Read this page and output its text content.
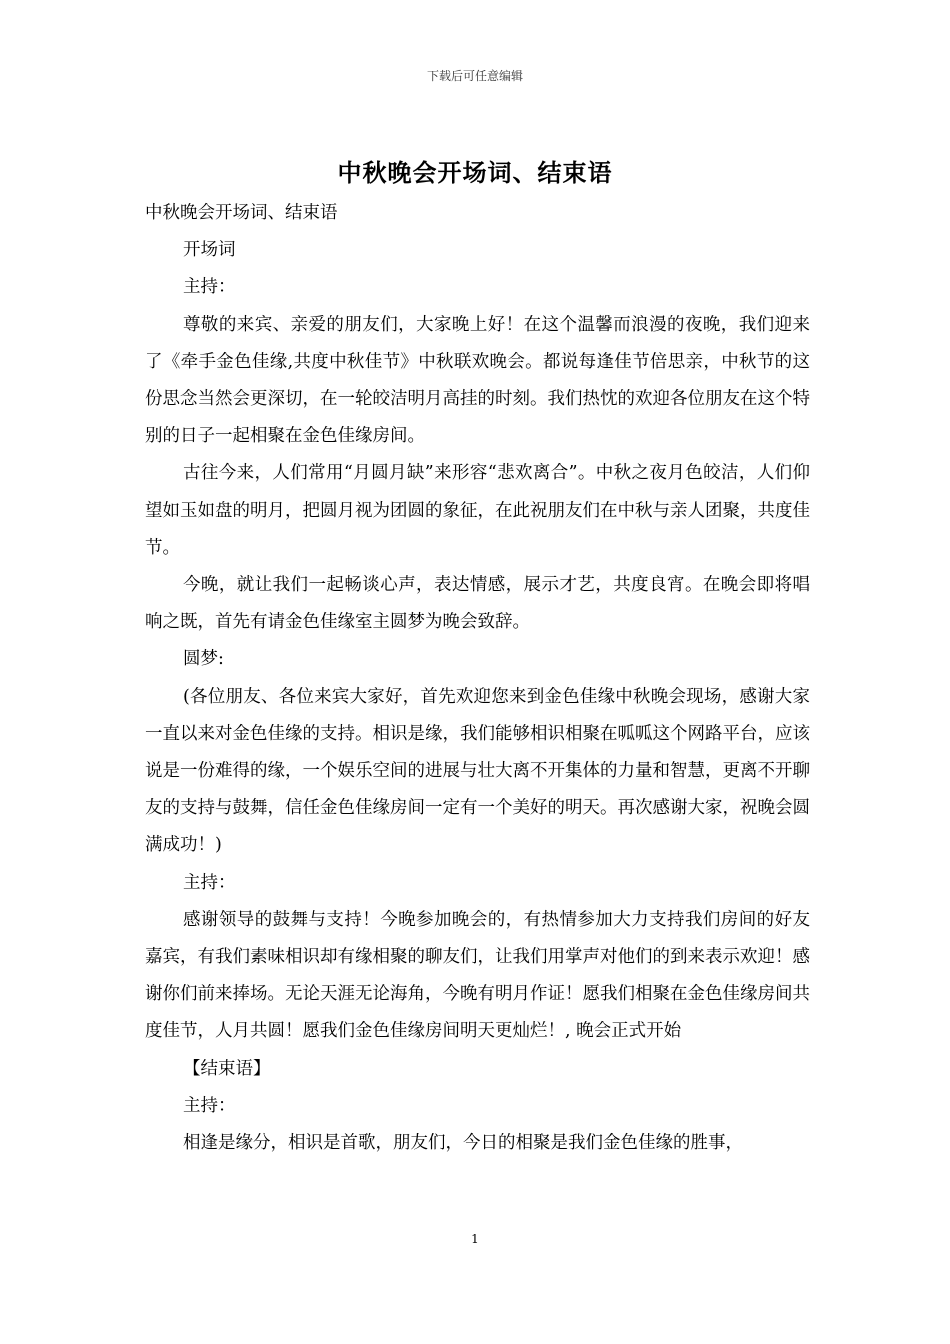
下载后可任意编辑
中秋晚会开场词、结束语

中秋晚会开场词、结束语

开场词

主持：

尊敬的来宾、亲爱的朋友们，大家晚上好！在这个温馨而浪漫的夜晚，我们迎来了《牵手金色佳缘,共度中秋佳节》中秋联欢晚会。都说每逢佳节倍思亲，中秋节的这份思念当然会更深切，在一轮皎洁明月高挂的时刻。我们热忱的欢迎各位朋友在这个特别的日子一起相聚在金色佳缘房间。

古往今来，人们常用“月圆月缺”来形容“悲欢离合”。中秋之夜月色皎洁，人们仰望如玉如盘的明月，把圆月视为团圆的象征，在此祝朋友们在中秋与亲人团聚，共度佳节。

今晚，就让我们一起畅谈心声，表达情感，展示才艺，共度良宵。在晚会即将唱响之既，首先有请金色佳缘室主圆梦为晚会致辞。

圆梦:

(各位朋友、各位来宾大家好，首先欢迎您来到金色佳缘中秋晚会现场，感谢大家一直以来对金色佳缘的支持。相识是缘，我们能够相识相聚在呱呱这个网路平台，应该说是一份难得的缘，一个娱乐空间的进展与壮大离不开集体的力量和智慧，更离不开聊友的支持与鼓舞，信任金色佳缘房间一定有一个美好的明天。再次感谢大家，祝晚会圆满成功！)

主持：

感谢领导的鼓舞与支持！今晚参加晚会的，有热情参加大力支持我们房间的好友嘉宾，有我们素味相识却有缘相聚的聊友们，让我们用掌声对他们的到来表示欢迎！感谢你们前来捧场。无论天涯无论海角，今晚有明月作证！愿我们相聚在金色佳缘房间共度佳节，人月共圆！愿我们金色佳缘房间明天更灿烂！, 晚会正式开始

【结束语】

主持：

相逢是缘分，相识是首歌，朋友们，今日的相聚是我们金色佳缘的胜事，

1
